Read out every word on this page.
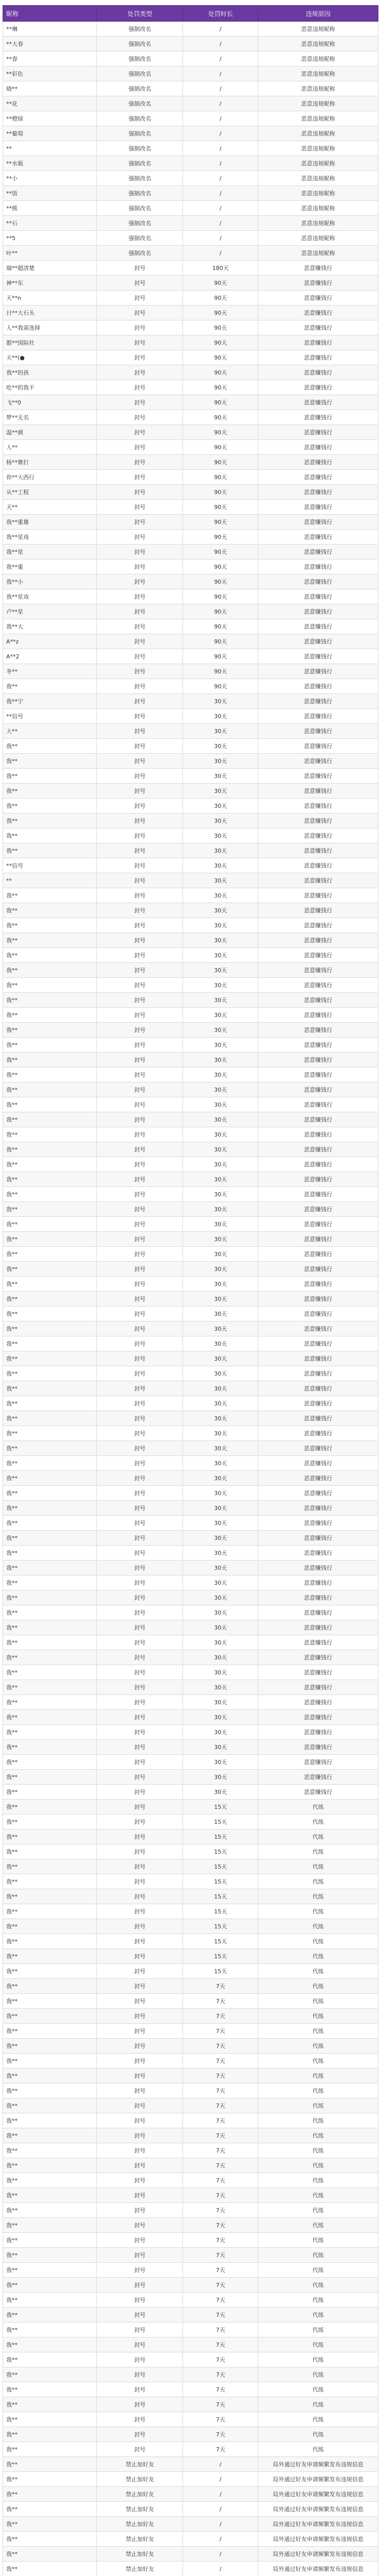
昵称	处罚类型	处罚时长	违规原因
**琳	强制改名	/	恶意违规昵称
**大春	强制改名	/	恶意违规昵称
**春	强制改名	/	恶意违规昵称
**彩色	强制改名	/	恶意违规昵称
晓**	强制改名	/	恶意违规昵称
**花	强制改名	/	恶意违规昵称
**橙绿	强制改名	/	恶意违规昵称
**葡萄	强制改名	/	恶意违规昵称
**	强制改名	/	恶意违规昵称
**水瓶	强制改名	/	恶意违规昵称
**小	强制改名	/	恶意违规昵称
**饭	强制改名	/	恶意违规昵称
**熊	强制改名	/	恶意违规昵称
**石	强制改名	/	恶意违规昵称
**5	强制改名	/	恶意违规昵称
叶**	强制改名	/	恶意违规昵称
瑞**超清楚	封号	180天	恶意赚钱行
神**东	封号	90天	恶意赚钱行
天**n	封号	90天	恶意赚钱行
日**大石头	封号	90天	恶意赚钱行
人**我需选择	封号	90天	恶意赚钱行
都**国际社	封号	90天	恶意赚钱行
天**(●	封号	90天	恶意赚钱行
我**的孩	封号	90天	恶意赚钱行
吃**的我不	封号	90天	恶意赚钱行
飞**0	封号	90天	恶意赚钱行
梦**无名	封号	90天	恶意赚钱行
温**颜	封号	90天	恶意赚钱行
人**	封号	90天	恶意赚钱行
杨**赛打	封号	90天	恶意赚钱行
你**大西行	封号	90天	恶意赚钱行
从**工程	封号	90天	恶意赚钱行
天**	封号	90天	恶意赚钱行
我**重雄	封号	90天	恶意赚钱行
我**星戏	封号	90天	恶意赚钱行
我**星	封号	90天	恶意赚钱行
我**重	封号	90天	恶意赚钱行
我**小	封号	90天	恶意赚钱行
我**星戏	封号	90天	恶意赚钱行
卢**星	封号	90天	恶意赚钱行
我**大	封号	90天	恶意赚钱行
A**z	封号	90天	恶意赚钱行
A**2	封号	90天	恶意赚钱行
冬**	封号	90天	恶意赚钱行
我**	封号	90天	恶意赚钱行
我**宁	封号	30天	恶意赚钱行
**信号	封号	30天	恶意赚钱行
大**	封号	30天	恶意赚钱行
我**	封号	30天	恶意赚钱行
我**	封号	30天	恶意赚钱行
我**	封号	30天	恶意赚钱行
我**	封号	30天	恶意赚钱行
我**	封号	30天	恶意赚钱行
我**	封号	30天	恶意赚钱行
我**	封号	30天	恶意赚钱行
我**	封号	30天	恶意赚钱行
**信号	封号	30天	恶意赚钱行
**	封号	30天	恶意赚钱行
我**	封号	30天	恶意赚钱行
我**	封号	30天	恶意赚钱行
我**	封号	30天	恶意赚钱行
我**	封号	30天	恶意赚钱行
我**	封号	30天	恶意赚钱行
我**	封号	30天	恶意赚钱行
我**	封号	30天	恶意赚钱行
我**	封号	30天	恶意赚钱行
我**	封号	30天	恶意赚钱行
我**	封号	30天	恶意赚钱行
我**	封号	30天	恶意赚钱行
我**	封号	30天	恶意赚钱行
我**	封号	30天	恶意赚钱行
我**	封号	30天	恶意赚钱行
我**	封号	30天	恶意赚钱行
我**	封号	30天	恶意赚钱行
我**	封号	30天	恶意赚钱行
我**	封号	30天	恶意赚钱行
我**	封号	30天	恶意赚钱行
我**	封号	30天	恶意赚钱行
我**	封号	30天	恶意赚钱行
我**	封号	30天	恶意赚钱行
我**	封号	30天	恶意赚钱行
我**	封号	30天	恶意赚钱行
我**	封号	30天	恶意赚钱行
我**	封号	30天	恶意赚钱行
我**	封号	30天	恶意赚钱行
我**	封号	30天	恶意赚钱行
我**	封号	30天	恶意赚钱行
我**	封号	30天	恶意赚钱行
我**	封号	30天	恶意赚钱行
我**	封号	30天	恶意赚钱行
我**	封号	30天	恶意赚钱行
我**	封号	30天	恶意赚钱行
我**	封号	30天	恶意赚钱行
我**	封号	30天	恶意赚钱行
我**	封号	30天	恶意赚钱行
我**	封号	30天	恶意赚钱行
我**	封号	30天	恶意赚钱行
我**	封号	30天	恶意赚钱行
我**	封号	30天	恶意赚钱行
我**	封号	30天	恶意赚钱行
我**	封号	30天	恶意赚钱行
我**	封号	30天	恶意赚钱行
我**	封号	30天	恶意赚钱行
我**	封号	30天	恶意赚钱行
我**	封号	30天	恶意赚钱行
我**	封号	30天	恶意赚钱行
我**	封号	30天	恶意赚钱行
我**	封号	30天	恶意赚钱行
我**	封号	30天	恶意赚钱行
我**	封号	30天	恶意赚钱行
我**	封号	30天	恶意赚钱行
我**	封号	30天	恶意赚钱行
我**	封号	30天	恶意赚钱行
我**	封号	30天	恶意赚钱行
我**	封号	30天	恶意赚钱行
我**	封号	30天	恶意赚钱行
我**	封号	30天	恶意赚钱行
我**	封号	30天	恶意赚钱行
我**	封号	30天	恶意赚钱行
我**	封号	15天	代练
我**	封号	15天	代练
我**	封号	15天	代练
我**	封号	15天	代练
我**	封号	15天	代练
我**	封号	15天	代练
我**	封号	15天	代练
我**	封号	15天	代练
我**	封号	15天	代练
我**	封号	15天	代练
我**	封号	15天	代练
我**	封号	15天	代练
我**	封号	7天	代练
我**	封号	7天	代练
我**	封号	7天	代练
我**	封号	7天	代练
我**	封号	7天	代练
我**	封号	7天	代练
我**	封号	7天	代练
我**	封号	7天	代练
我**	封号	7天	代练
我**	封号	7天	代练
我**	封号	7天	代练
我**	封号	7天	代练
我**	封号	7天	代练
我**	封号	7天	代练
我**	封号	7天	代练
我**	封号	7天	代练
我**	封号	7天	代练
我**	封号	7天	代练
我**	封号	7天	代练
我**	封号	7天	代练
我**	封号	7天	代练
我**	封号	7天	代练
我**	封号	7天	代练
我**	封号	7天	代练
我**	封号	7天	代练
我**	封号	7天	代练
我**	封号	7天	代练
我**	封号	7天	代练
我**	封号	7天	代练
我**	封号	7天	代练
我**	封号	7天	代练
我**	封号	7天	代练
我**	禁止加好友	/	局外通过好友申请频繁发布违规信息
我**	禁止加好友	/	局外通过好友申请频繁发布违规信息
我**	禁止加好友	/	局外通过好友申请频繁发布违规信息
我**	禁止加好友	/	局外通过好友申请频繁发布违规信息
我**	禁止加好友	/	局外通过好友申请频繁发布违规信息
我**	禁止加好友	/	局外通过好友申请频繁发布违规信息
我**	禁止加好友	/	局外通过好友申请频繁发布违规信息
我**	禁止加好友	/	局外通过好友申请频繁发布违规信息
